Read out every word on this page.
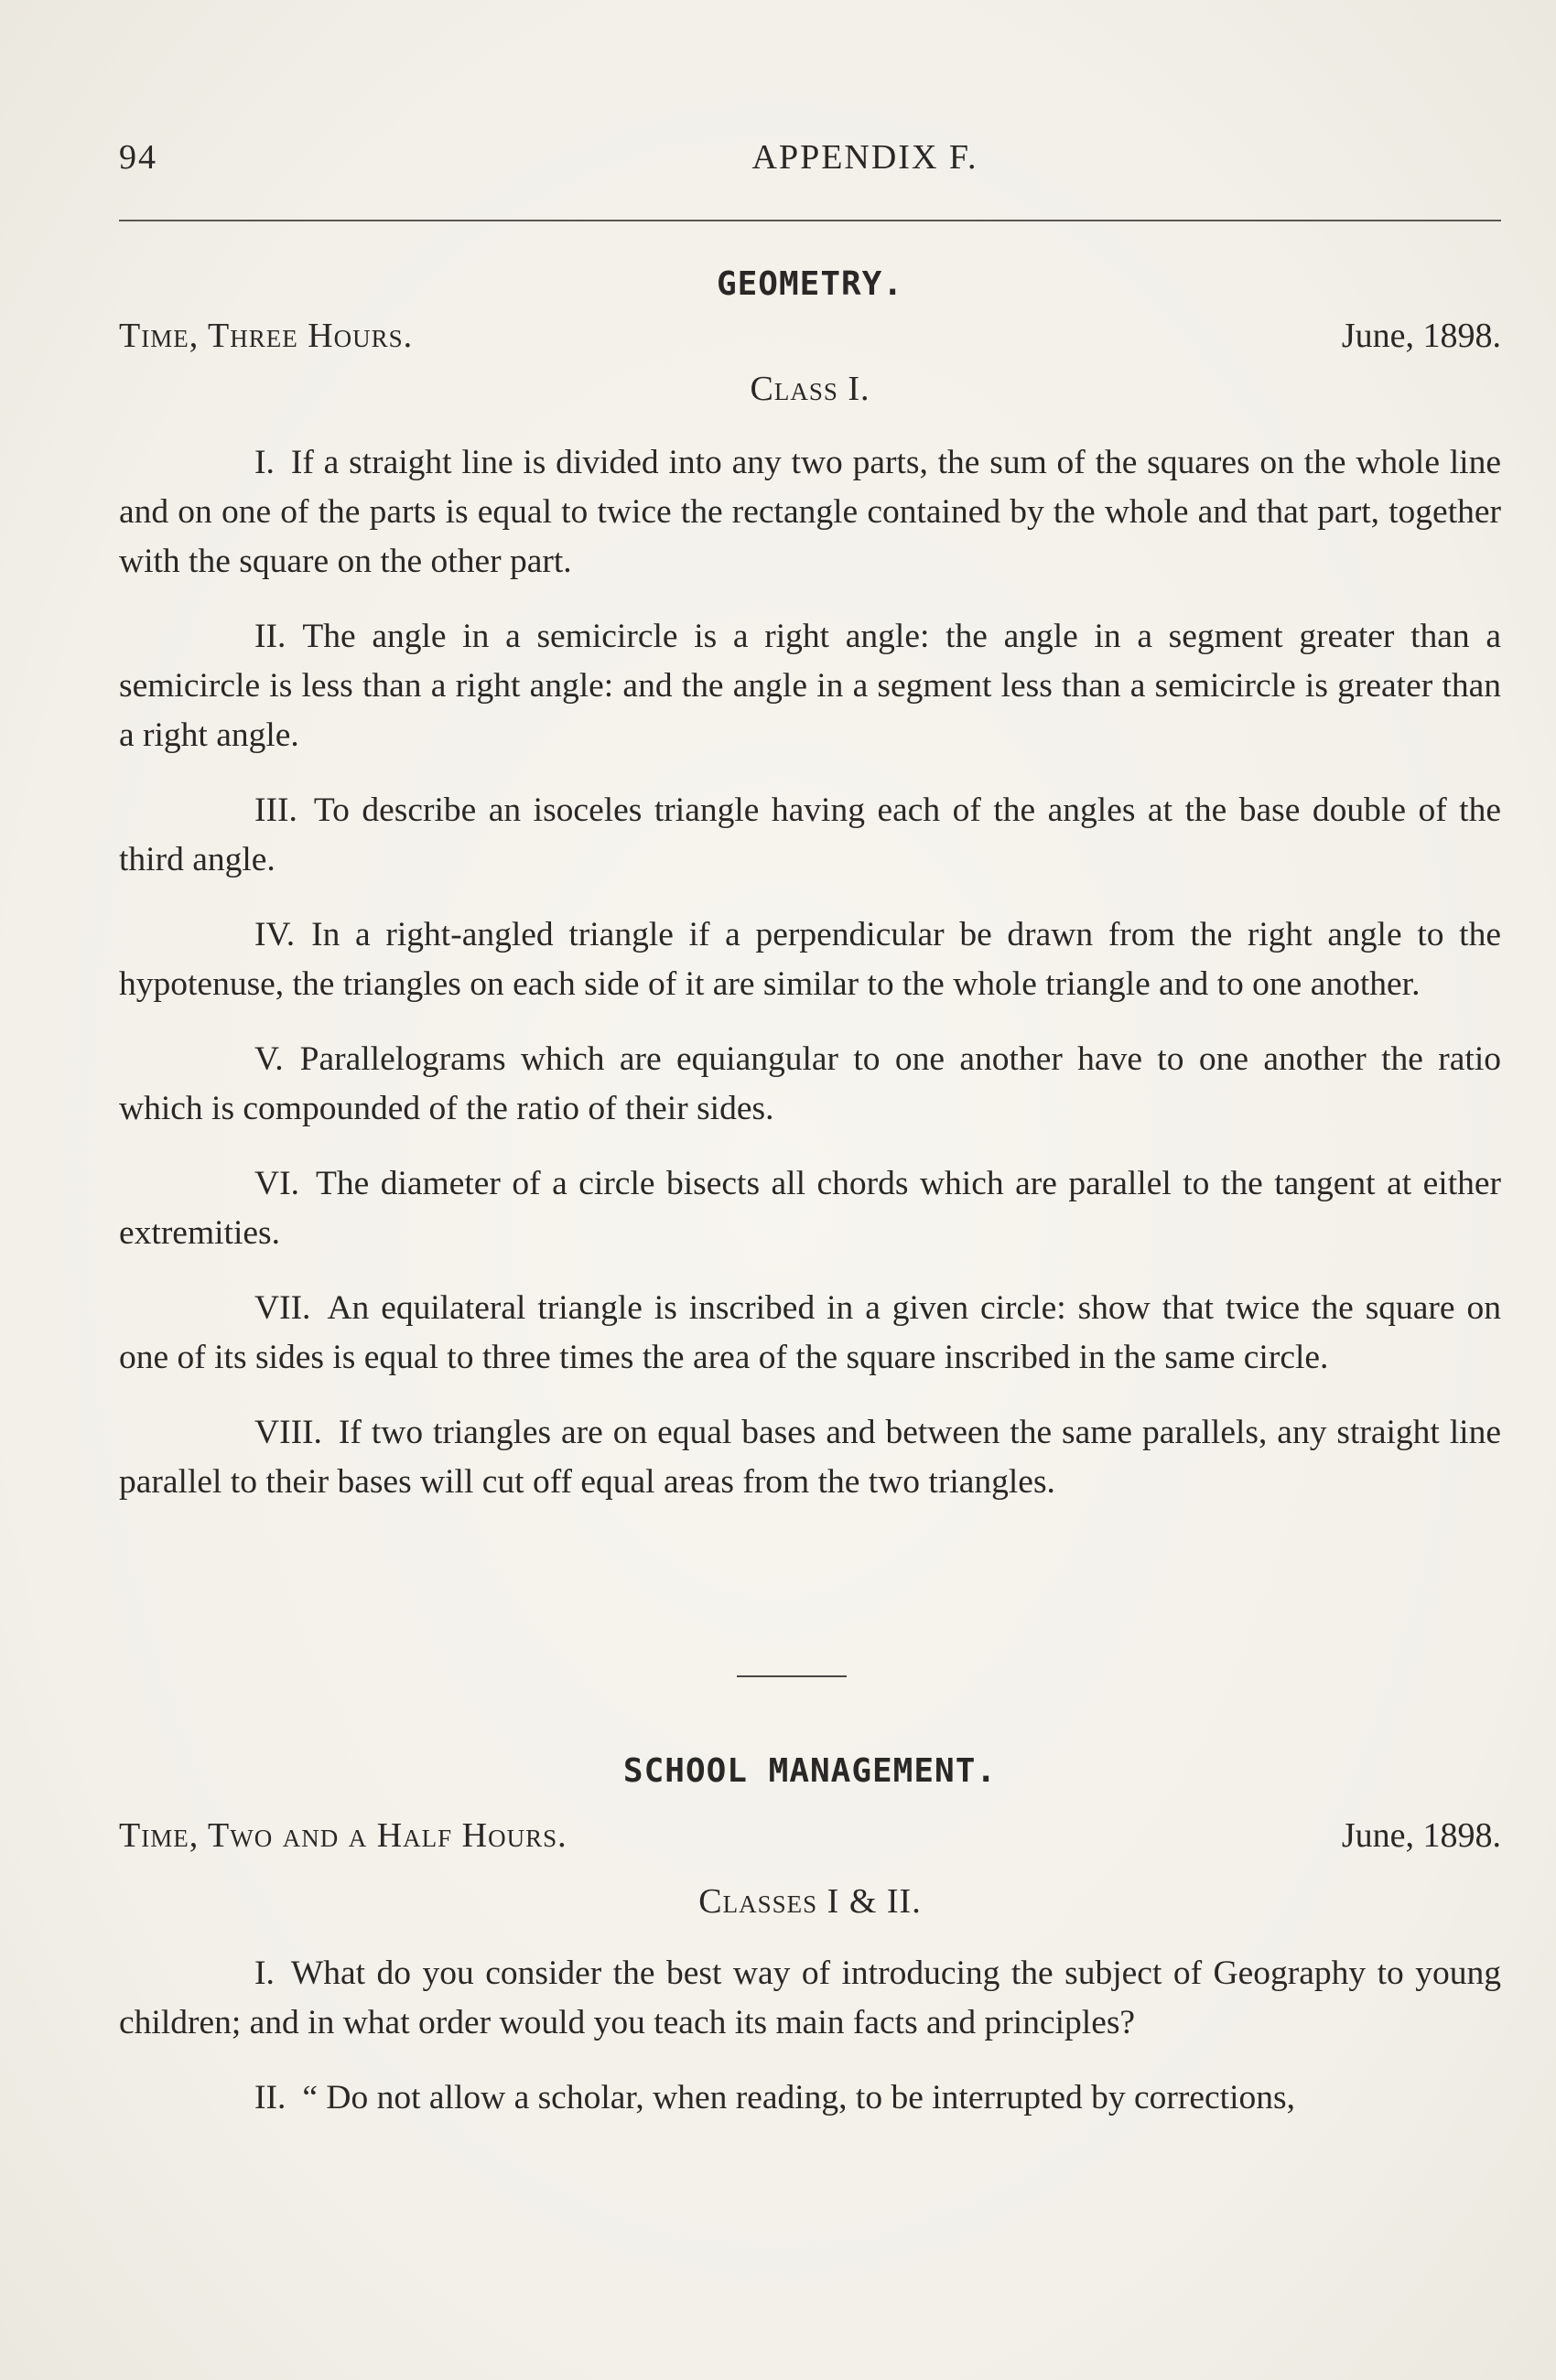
94	APPENDIX F.
GEOMETRY.
Time, Three Hours.	June, 1898.
Class I.

I. If a straight line is divided into any two parts, the sum of the squares on the whole line and on one of the parts is equal to twice the rectangle contained by the whole and that part, together with the square on the other part.

II. The angle in a semicircle is a right angle: the angle in a segment greater than a semicircle is less than a right angle: and the angle in a segment less than a semicircle is greater than a right angle.

III. To describe an isoceles triangle having each of the angles at the base double of the third angle.

IV. In a right-angled triangle if a perpendicular be drawn from the right angle to the hypotenuse, the triangles on each side of it are similar to the whole triangle and to one another.

V. Parallelograms which are equiangular to one another have to one another the ratio which is compounded of the ratio of their sides.

VI. The diameter of a circle bisects all chords which are parallel to the tangent at either extremities.

VII. An equilateral triangle is inscribed in a given circle: show that twice the square on one of its sides is equal to three times the area of the square inscribed in the same circle.

VIII. If two triangles are on equal bases and between the same parallels, any straight line parallel to their bases will cut off equal areas from the two triangles.

SCHOOL MANAGEMENT.
Time, Two and a Half Hours.	June, 1898.
Classes I & II.

I. What do you consider the best way of introducing the subject of Geography to young children; and in what order would you teach its main facts and principles?

II. “ Do not allow a scholar, when reading, to be interrupted by corrections,
